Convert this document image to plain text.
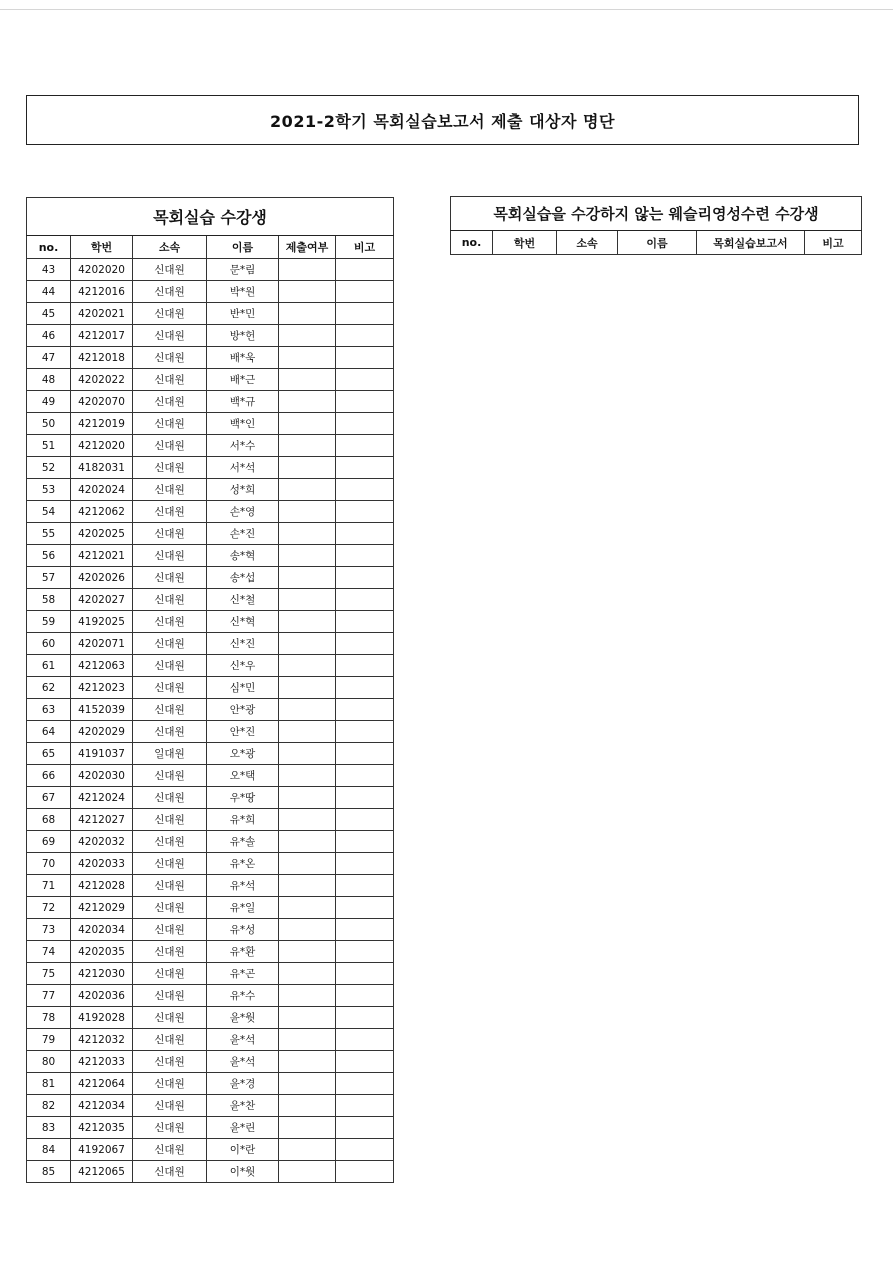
2021-2학기 목회실습보고서 제출 대상자 명단
목회실습 수강생					
no.	학번	소속	이름	제출여부	비고
43	4202020	신대원	문*림		
44	4212016	신대원	박*원		
45	4202021	신대원	반*민		
46	4212017	신대원	방*헌		
47	4212018	신대원	배*욱		
48	4202022	신대원	배*근		
49	4202070	신대원	백*규		
50	4212019	신대원	백*인		
51	4212020	신대원	서*수		
52	4182031	신대원	서*석		
53	4202024	신대원	성*희		
54	4212062	신대원	손*영		
55	4202025	신대원	손*진		
56	4212021	신대원	송*혁		
57	4202026	신대원	송*섭		
58	4202027	신대원	신*철		
59	4192025	신대원	신*혁		
60	4202071	신대원	신*진		
61	4212063	신대원	신*우		
62	4212023	신대원	심*민		
63	4152039	신대원	안*광		
64	4202029	신대원	안*진		
65	4191037	일대원	오*광		
66	4202030	신대원	오*택		
67	4212024	신대원	우*땅		
68	4212027	신대원	유*희		
69	4202032	신대원	유*솔		
70	4202033	신대원	유*온		
71	4212028	신대원	유*석		
72	4212029	신대원	유*일		
73	4202034	신대원	유*성		
74	4202035	신대원	유*환		
75	4212030	신대원	유*곤		
77	4202036	신대원	유*수		
78	4192028	신대원	윤*웟		
79	4212032	신대원	윤*석		
80	4212033	신대원	윤*석		
81	4212064	신대원	윤*경		
82	4212034	신대원	윤*찬		
83	4212035	신대원	윤*린		
84	4192067	신대원	이*란		
85	4212065	신대원	이*웟		
목회실습을 수강하지 않는 웨슬리영성수련 수강생
no.	학번	소속	이름	목회실습보고서	비고
